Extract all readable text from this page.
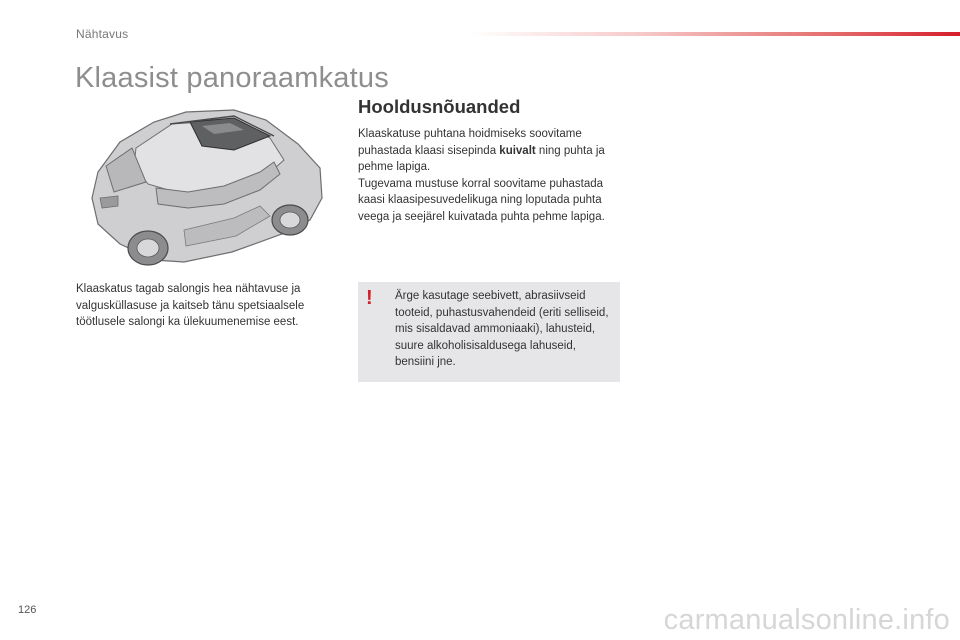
Nähtavus
Klaasist panoraamkatus

Klaaskatus tagab salongis hea nähtavuse ja valgusküllasuse ja kaitseb tänu spetsiaalsele töötlusele salongi ka ülekuumenemise eest.

Hooldusnõuanded

Klaaskatuse puhtana hoidmiseks soovitame puhastada klaasi sisepinda kuivalt ning puhta ja pehme lapiga.
Tugevama mustuse korral soovitame puhastada kaasi klaasipesuvedelikuga ning loputada puhta veega ja seejärel kuivatada puhta pehme lapiga.

! Ärge kasutage seebivett, abrasiivseid tooteid, puhastusvahendeid (eriti selliseid, mis sisaldavad ammoniaaki), lahusteid, suure alkoholisisaldusega lahuseid, bensiini jne.

126	carmanualsonline.info
